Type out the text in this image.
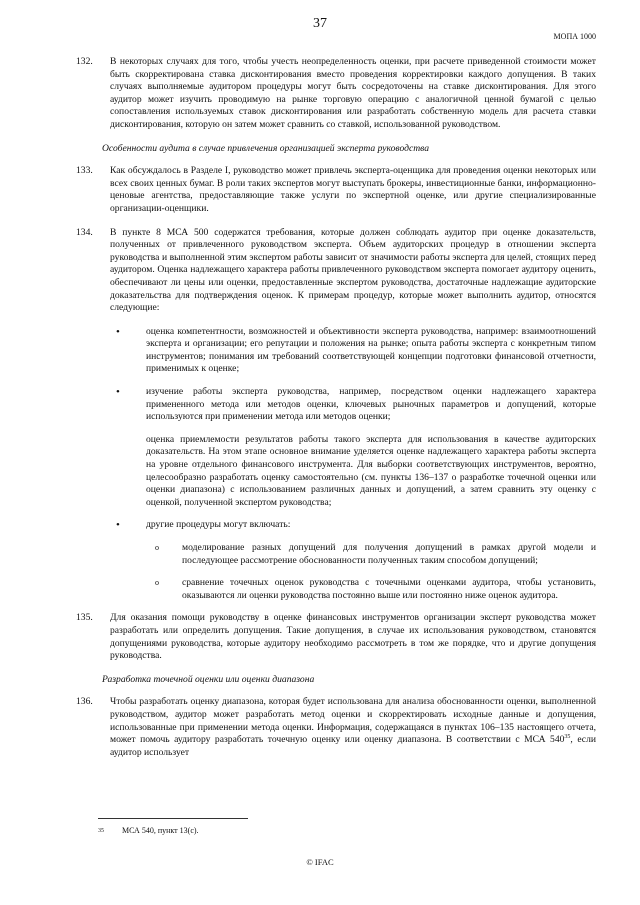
37
МОПА 1000
132. В некоторых случаях для того, чтобы учесть неопределенность оценки, при расчете приведенной стоимости может быть скорректирована ставка дисконтирования вместо проведения корректировки каждого допущения. В таких случаях выполняемые аудитором процедуры могут быть сосредоточены на ставке дисконтирования. Для этого аудитор может изучить проводимую на рынке торговую операцию с аналогичной ценной бумагой с целью сопоставления используемых ставок дисконтирования или разработать собственную модель для расчета ставки дисконтирования, которую он затем может сравнить со ставкой, использованной руководством.
Особенности аудита в случае привлечения организацией эксперта руководства
133. Как обсуждалось в Разделе I, руководство может привлечь эксперта-оценщика для проведения оценки некоторых или всех своих ценных бумаг. В роли таких экспертов могут выступать брокеры, инвестиционные банки, информационно-ценовые агентства, предоставляющие также услуги по экспертной оценке, или другие специализированные организации-оценщики.
134. В пункте 8 МСА 500 содержатся требования, которые должен соблюдать аудитор при оценке доказательств, полученных от привлеченного руководством эксперта. Объем аудиторских процедур в отношении эксперта руководства и выполненной этим экспертом работы зависит от значимости работы эксперта для целей, стоящих перед аудитором. Оценка надлежащего характера работы привлеченного руководством эксперта помогает аудитору оценить, обеспечивают ли цены или оценки, предоставленные экспертом руководства, достаточные надлежащие аудиторские доказательства для подтверждения оценок. К примерам процедур, которые может выполнить аудитор, относятся следующие:
•	оценка компетентности, возможностей и объективности эксперта руководства, например: взаимоотношений эксперта и организации; его репутации и положения на рынке; опыта работы эксперта с конкретным типом инструментов; понимания им требований соответствующей концепции подготовки финансовой отчетности, применимых к оценке;
•	изучение работы эксперта руководства, например, посредством оценки надлежащего характера примененного метода или методов оценки, ключевых рыночных параметров и допущений, которые используются при применении метода или методов оценки;
оценка приемлемости результатов работы такого эксперта для использования в качестве аудиторских доказательств. На этом этапе основное внимание уделяется оценке надлежащего характера работы эксперта на уровне отдельного финансового инструмента. Для выборки соответствующих инструментов, вероятно, целесообразно разработать оценку самостоятельно (см. пункты 136–137 о разработке точечной оценки или оценки диапазона) с использованием различных данных и допущений, а затем сравнить эту оценку с оценкой, полученной экспертом руководства;
•	другие процедуры могут включать:
o моделирование разных допущений для получения допущений в рамках другой модели и последующее рассмотрение обоснованности полученных таким способом допущений;
o сравнение точечных оценок руководства с точечными оценками аудитора, чтобы установить, оказываются ли оценки руководства постоянно выше или постоянно ниже оценок аудитора.
135. Для оказания помощи руководству в оценке финансовых инструментов организации эксперт руководства может разработать или определить допущения. Такие допущения, в случае их использования руководством, становятся допущениями руководства, которые аудитору необходимо рассмотреть в том же порядке, что и другие допущения руководства.
Разработка точечной оценки или оценки диапазона
136. Чтобы разработать оценку диапазона, которая будет использована для анализа обоснованности оценки, выполненной руководством, аудитор может разработать метод оценки и скорректировать исходные данные и допущения, использованные при применении метода оценки. Информация, содержащаяся в пунктах 106–135 настоящего отчета, может помочь аудитору разработать точечную оценку или оценку диапазона. В соответствии с МСА $540^{35}$, если аудитор использует
35 МСА 540, пункт 13(с).
© IFAC
